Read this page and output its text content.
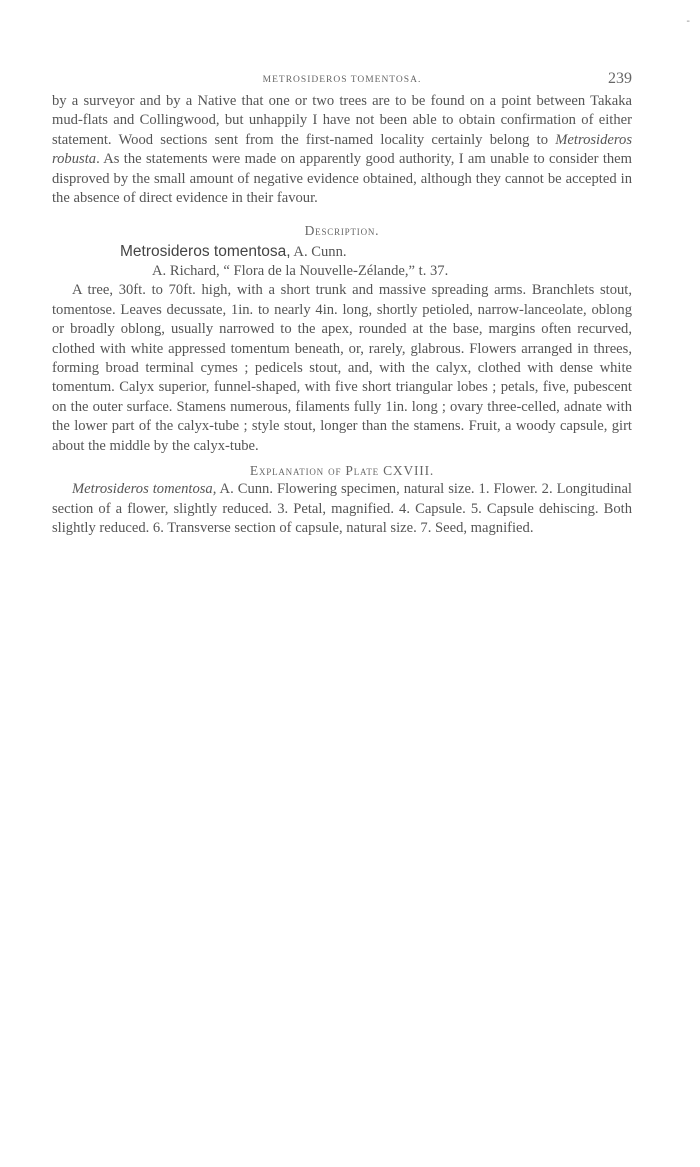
-
METROSIDEROS TOMENTOSA.	239

by a surveyor and by a Native that one or two trees are to be found on a point between Takaka mud-flats and Collingwood, but unhappily I have not been able to obtain confirmation of either statement. Wood sections sent from the first-named locality certainly belong to Metrosideros robusta. As the statements were made on apparently good authority, I am unable to consider them disproved by the small amount of negative evidence obtained, although they cannot be accepted in the absence of direct evidence in their favour.

Description.
Metrosideros tomentosa, A. Cunn.
A. Richard, “ Flora de la Nouvelle-Zélande,” t. 37.

A tree, 30ft. to 70ft. high, with a short trunk and massive spreading arms. Branchlets stout, tomentose. Leaves decussate, 1in. to nearly 4in. long, shortly petioled, narrow-lanceolate, oblong or broadly oblong, usually narrowed to the apex, rounded at the base, margins often recurved, clothed with white appressed tomentum beneath, or, rarely, glabrous. Flowers arranged in threes, forming broad terminal cymes ; pedicels stout, and, with the calyx, clothed with dense white tomentum. Calyx superior, funnel-shaped, with five short triangular lobes ; petals, five, pubescent on the outer surface. Stamens numerous, filaments fully 1in. long ; ovary three-celled, adnate with the lower part of the calyx-tube ; style stout, longer than the stamens. Fruit, a woody capsule, girt about the middle by the calyx-tube.

Explanation of Plate CXVIII.

Metrosideros tomentosa, A. Cunn. Flowering specimen, natural size. 1. Flower. 2. Longitudinal section of a flower, slightly reduced. 3. Petal, magnified. 4. Capsule. 5. Capsule dehiscing. Both slightly reduced. 6. Transverse section of capsule, natural size. 7. Seed, magnified.
